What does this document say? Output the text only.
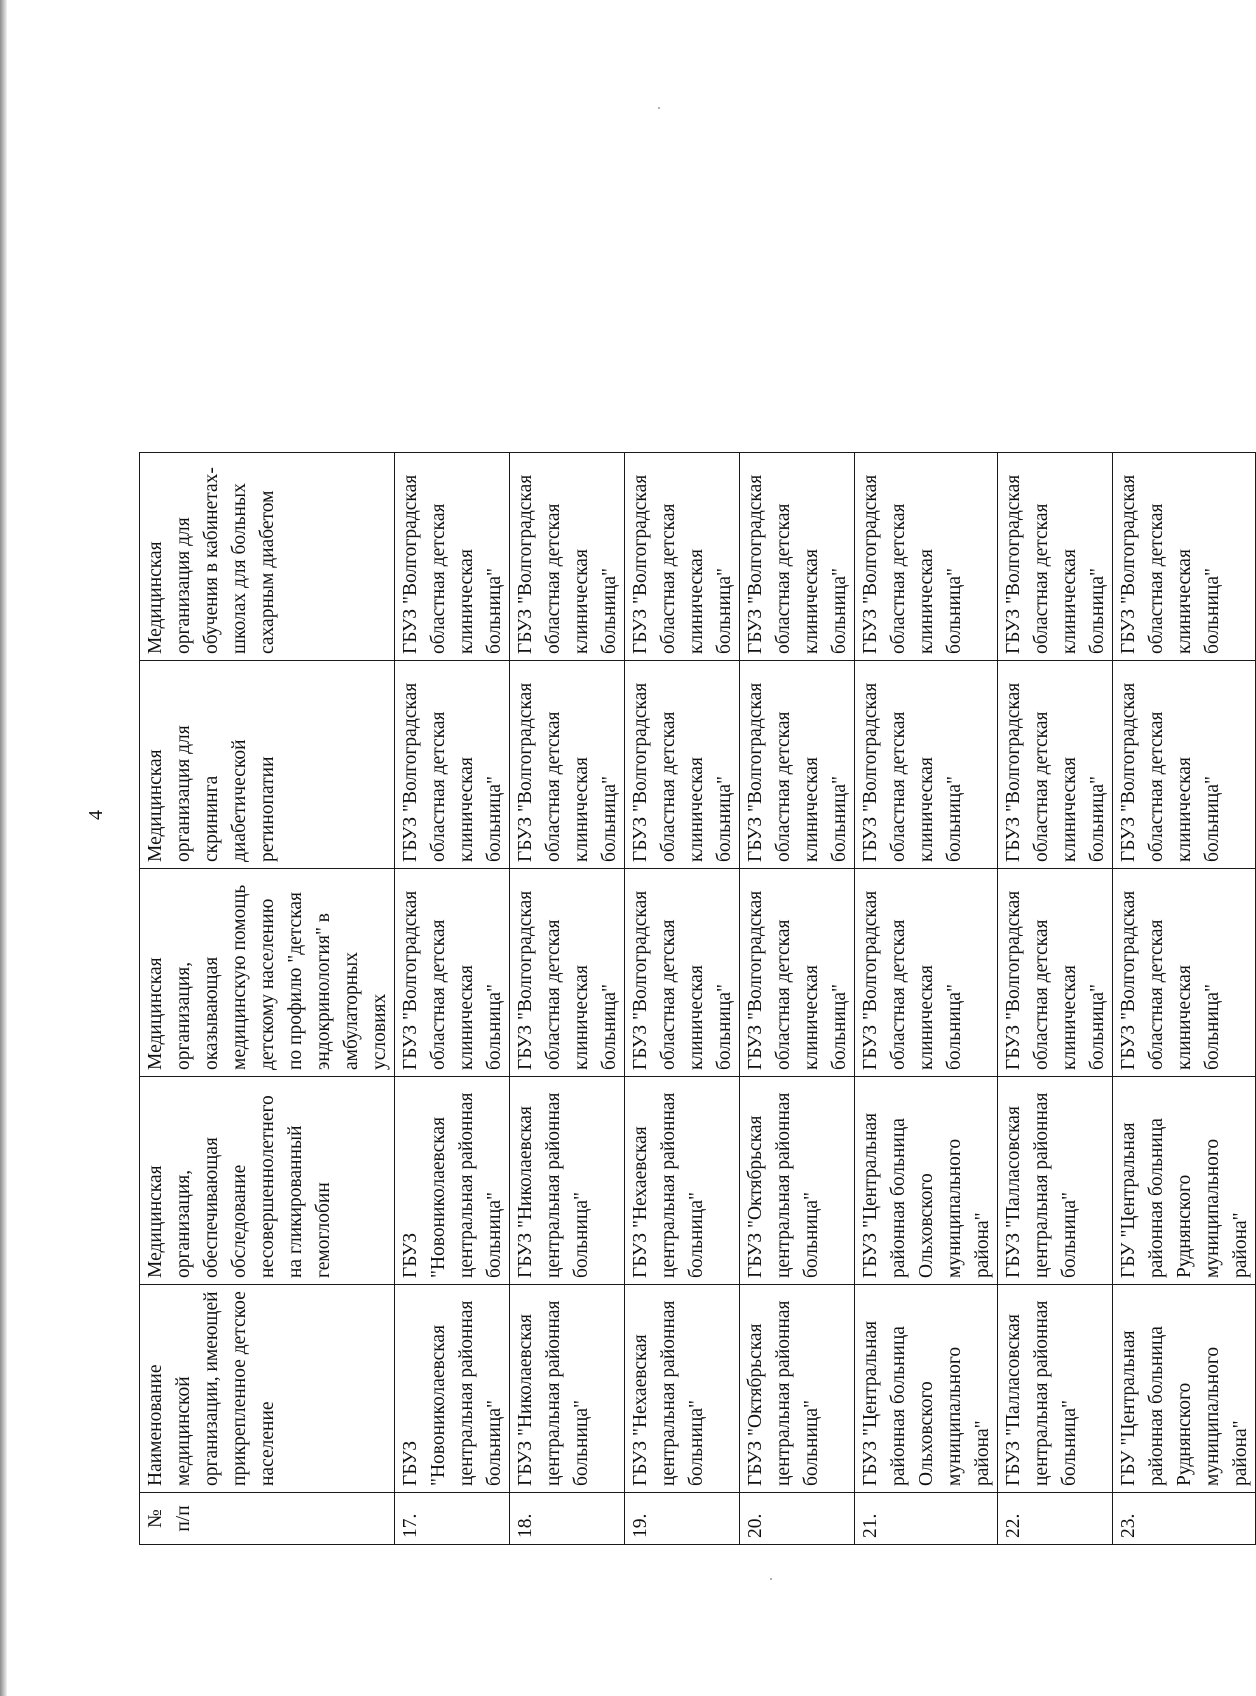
4
№ п/п	Наименование медицинской организации, имеющей прикрепленное детское население	Медицинская организация, обеспечивающая обследование несовершеннолетнего на гликированный гемоглобин	Медицинская организация, оказывающая медицинскую помощь детскому населению по профилю "детская эндокринология" в амбулаторных условиях	Медицинская организация для скрининга диабетической ретинопатии	Медицинская организация для обучения в кабинетах-школах для больных сахарным диабетом
17.	ГБУЗ "Новониколаевская центральная районная больница"	ГБУЗ "Новониколаевская центральная районная больница"	ГБУЗ "Волгоградская областная детская клиническая больница"	ГБУЗ "Волгоградская областная детская клиническая больница"	ГБУЗ "Волгоградская областная детская клиническая больница"
18.	ГБУЗ "Николаевская центральная районная больница"	ГБУЗ "Николаевская центральная районная больница"	ГБУЗ "Волгоградская областная детская клиническая больница"	ГБУЗ "Волгоградская областная детская клиническая больница"	ГБУЗ "Волгоградская областная детская клиническая больница"
19.	ГБУЗ "Нехаевская центральная районная больница"	ГБУЗ "Нехаевская центральная районная больница"	ГБУЗ "Волгоградская областная детская клиническая больница"	ГБУЗ "Волгоградская областная детская клиническая больница"	ГБУЗ "Волгоградская областная детская клиническая больница"
20.	ГБУЗ "Октябрьская центральная районная больница"	ГБУЗ "Октябрьская центральная районная больница"	ГБУЗ "Волгоградская областная детская клиническая больница"	ГБУЗ "Волгоградская областная детская клиническая больница"	ГБУЗ "Волгоградская областная детская клиническая больница"
21.	ГБУЗ "Центральная районная больница Ольховского муниципального района"	ГБУЗ "Центральная районная больница Ольховского муниципального района"	ГБУЗ "Волгоградская областная детская клиническая больница"	ГБУЗ "Волгоградская областная детская клиническая больница"	ГБУЗ "Волгоградская областная детская клиническая больница"
22.	ГБУЗ "Палласовская центральная районная больница"	ГБУЗ "Палласовская центральная районная больница"	ГБУЗ "Волгоградская областная детская клиническая больница"	ГБУЗ "Волгоградская областная детская клиническая больница"	ГБУЗ "Волгоградская областная детская клиническая больница"
23.	ГБУ "Центральная районная больница Руднянского муниципального района"	ГБУ "Центральная районная больница Руднянского муниципального района"	ГБУЗ "Волгоградская областная детская клиническая больница"	ГБУЗ "Волгоградская областная детская клиническая больница"	ГБУЗ "Волгоградская областная детская клиническая больница"
